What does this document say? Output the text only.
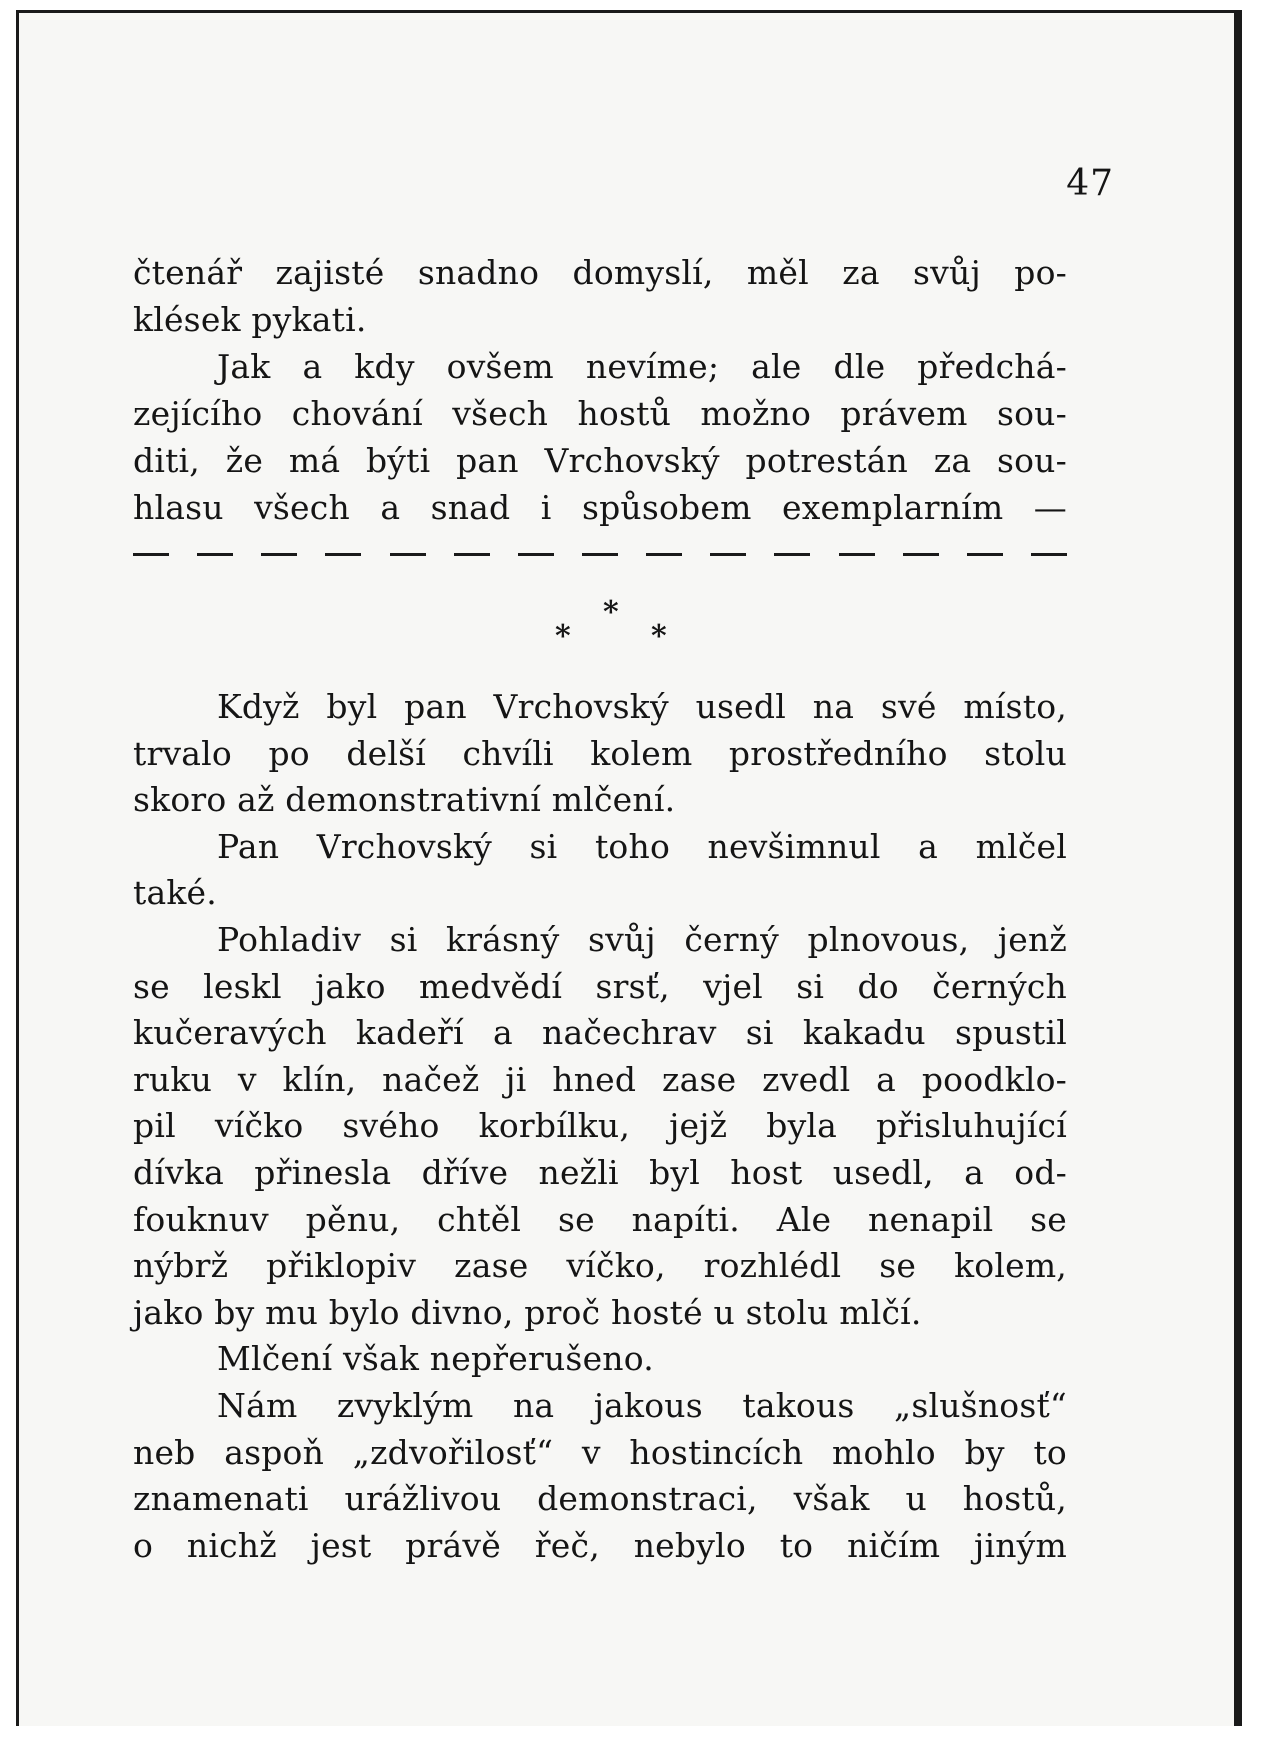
47
čtenář zajisté snadno domyslí, měl za svůj po-
klések pykati.
Jak a kdy ovšem nevíme; ale dle předchá-
zejícího chování všech hostů možno právem sou-
diti, že má býti pan Vrchovský potrestán za sou-
hlasu všech a snad i spůsobem exemplarním —
*
*	*
Když byl pan Vrchovský usedl na své místo,
trvalo po delší chvíli kolem prostředního stolu
skoro až demonstrativní mlčení.
Pan Vrchovský si toho nevšimnul a mlčel
také.
Pohladiv si krásný svůj černý plnovous, jenž
se leskl jako medvědí srsť, vjel si do černých
kučeravých kadeří a načechrav si kakadu spustil
ruku v klín, načež ji hned zase zvedl a poodklo-
pil víčko svého korbílku, jejž byla přisluhující
dívka přinesla dříve nežli byl host usedl, a od-
fouknuv pěnu, chtěl se napíti. Ale nenapil se
nýbrž přiklopiv zase víčko, rozhlédl se kolem,
jako by mu bylo divno, proč hosté u stolu mlčí.
Mlčení však nepřerušeno.
Nám zvyklým na jakous takous „slušnosť“
neb aspoň „zdvořilosť“ v hostincích mohlo by to
znamenati urážlivou demonstraci, však u hostů,
o nichž jest právě řeč, nebylo to ničím jiným
